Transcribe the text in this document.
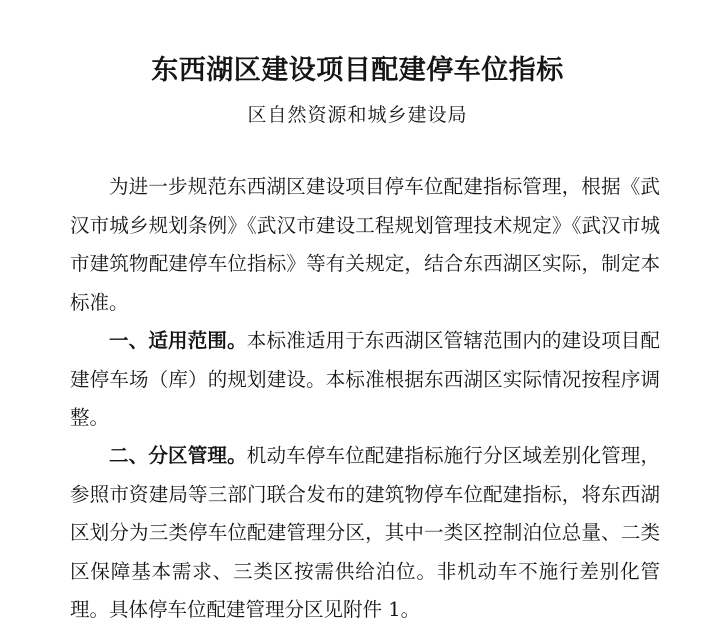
东西湖区建设项目配建停车位指标
区自然资源和城乡建设局

为进一步规范东西湖区建设项目停车位配建指标管理，根据《武汉市城乡规划条例》《武汉市建设工程规划管理技术规定》《武汉市城市建筑物配建停车位指标》等有关规定，结合东西湖区实际，制定本标准。

一、适用范围。本标准适用于东西湖区管辖范围内的建设项目配建停车场（库）的规划建设。本标准根据东西湖区实际情况按程序调整。

二、分区管理。机动车停车位配建指标施行分区域差别化管理，参照市资建局等三部门联合发布的建筑物停车位配建指标，将东西湖区划分为三类停车位配建管理分区，其中一类区控制泊位总量、二类区保障基本需求、三类区按需供给泊位。非机动车不施行差别化管理。具体停车位配建管理分区见附件 1。
